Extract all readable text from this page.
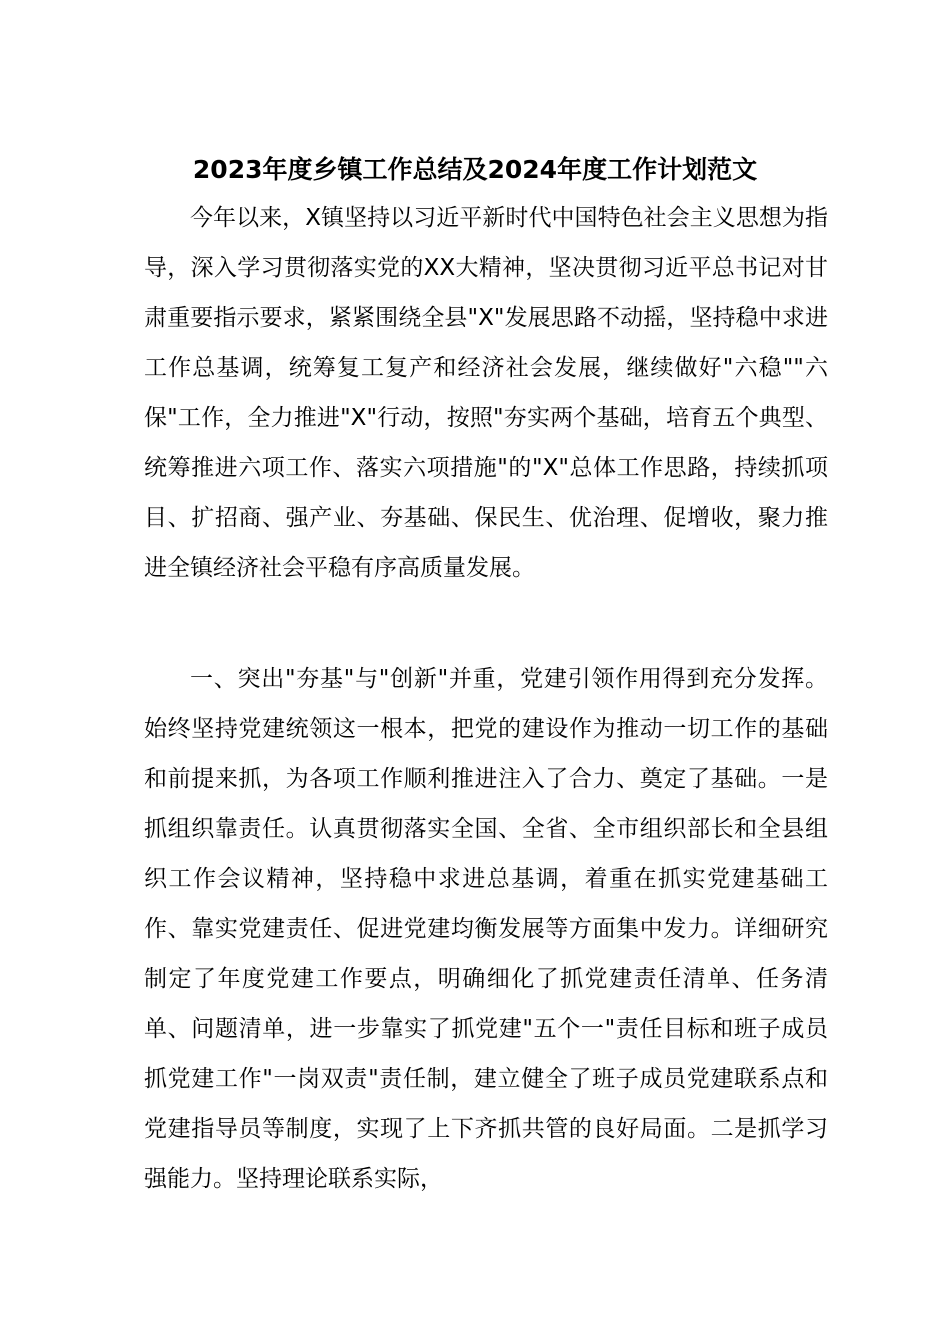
2023年度乡镇工作总结及2024年度工作计划范文

今年以来，X镇坚持以习近平新时代中国特色社会主义思想为指导，深入学习贯彻落实党的XX大精神，坚决贯彻习近平总书记对甘肃重要指示要求，紧紧围绕全县"X"发展思路不动摇，坚持稳中求进工作总基调，统筹复工复产和经济社会发展，继续做好"六稳""六保"工作，全力推进"X"行动，按照"夯实两个基础，培育五个典型、统筹推进六项工作、落实六项措施"的"X"总体工作思路，持续抓项目、扩招商、强产业、夯基础、保民生、优治理、促增收，聚力推进全镇经济社会平稳有序高质量发展。

一、突出"夯基"与"创新"并重，党建引领作用得到充分发挥。始终坚持党建统领这一根本，把党的建设作为推动一切工作的基础和前提来抓，为各项工作顺利推进注入了合力、奠定了基础。一是抓组织靠责任。认真贯彻落实全国、全省、全市组织部长和全县组织工作会议精神，坚持稳中求进总基调，着重在抓实党建基础工作、靠实党建责任、促进党建均衡发展等方面集中发力。详细研究制定了年度党建工作要点，明确细化了抓党建责任清单、任务清单、问题清单，进一步靠实了抓党建"五个一"责任目标和班子成员抓党建工作"一岗双责"责任制，建立健全了班子成员党建联系点和党建指导员等制度，实现了上下齐抓共管的良好局面。二是抓学习强能力。坚持理论联系实际，
